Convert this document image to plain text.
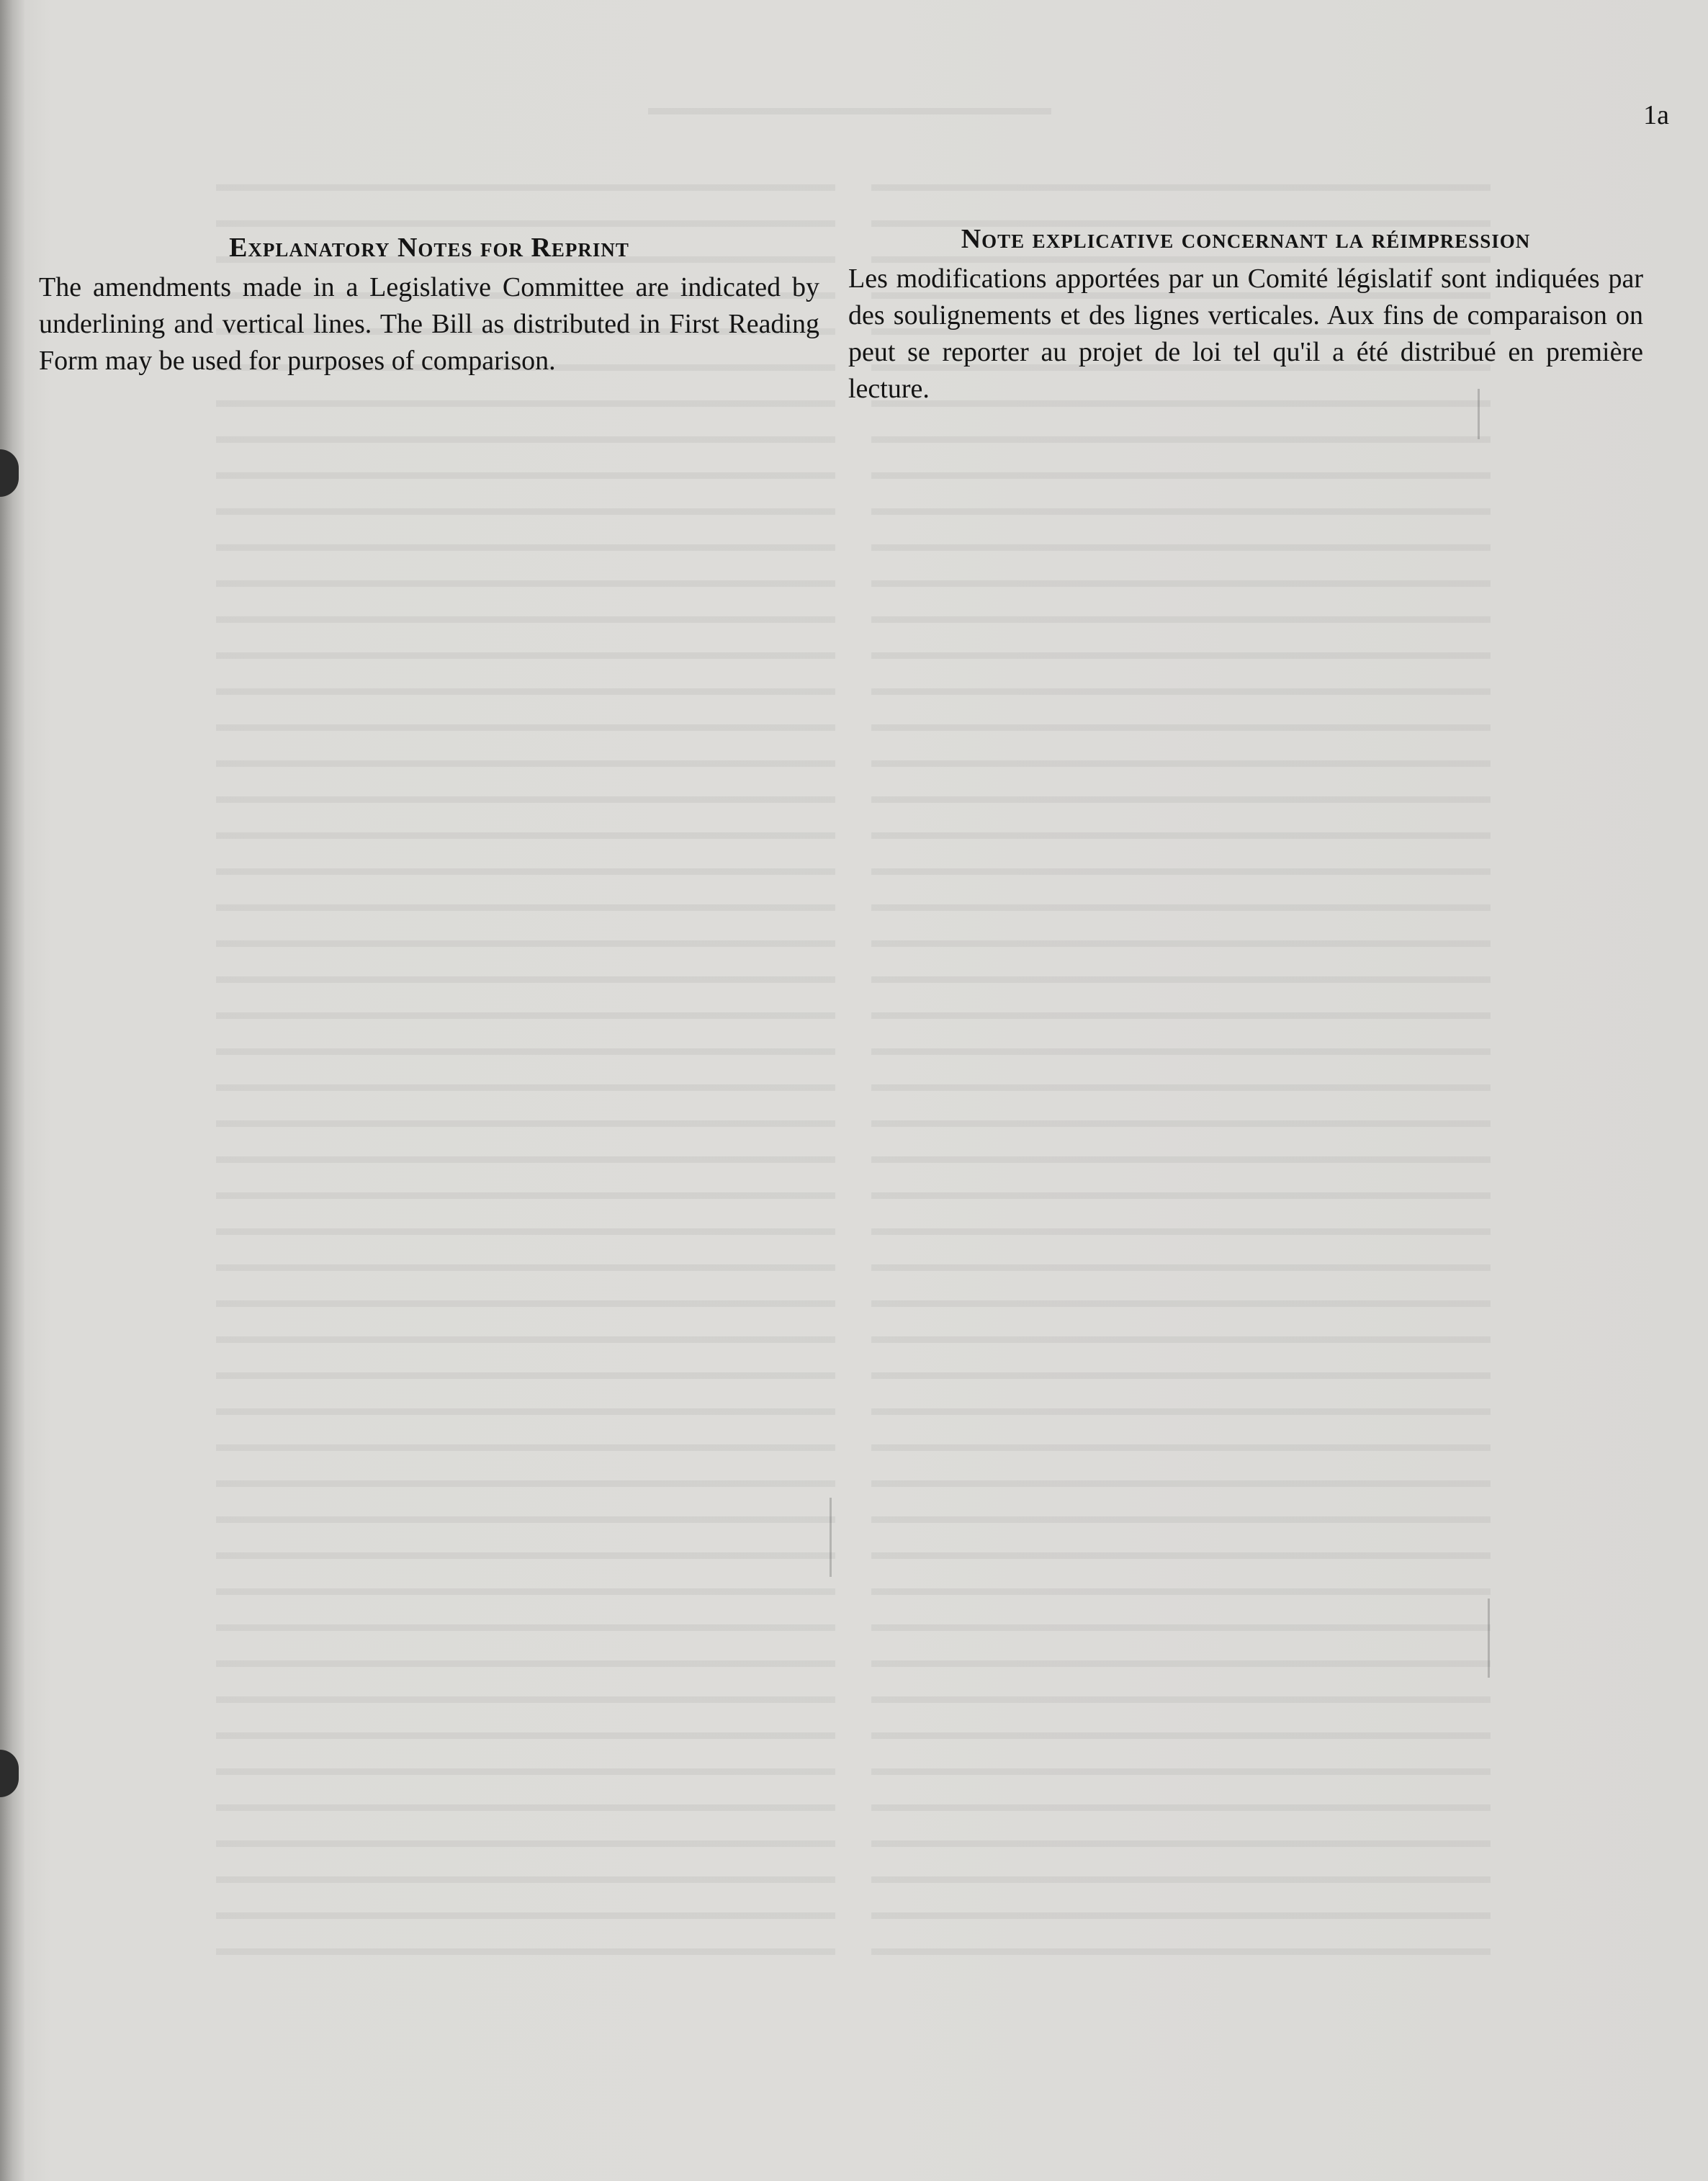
1a
Explanatory Notes for Reprint

The amendments made in a Legislative Committee are indicated by underlining and vertical lines. The Bill as distributed in First Reading Form may be used for purposes of comparison.

Note explicative concernant la réimpression

Les modifications apportées par un Comité législatif sont indiquées par des soulignements et des lignes verticales. Aux fins de comparaison on peut se reporter au projet de loi tel qu'il a été distribué en première lecture.
